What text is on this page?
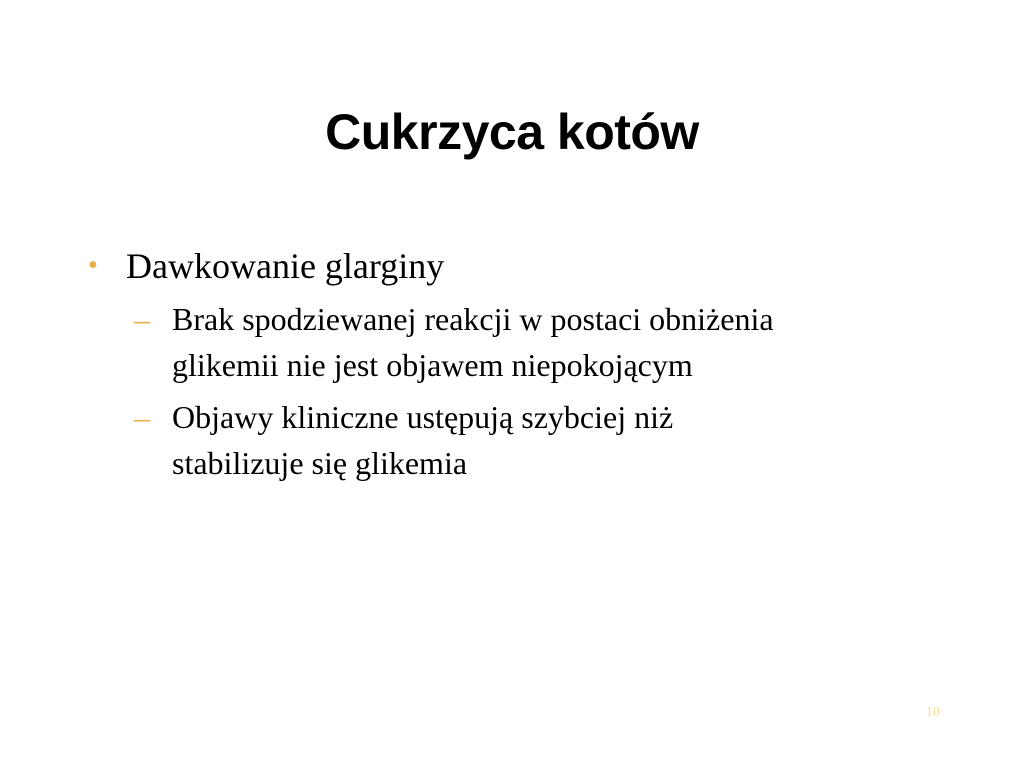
Cukrzyca kotów
• Dawkowanie glarginy
– Brak spodziewanej reakcji w postaci obniżenia
glikemii nie jest objawem niepokojącym
– Objawy kliniczne ustępują szybciej niż
stabilizuje się glikemia
10
